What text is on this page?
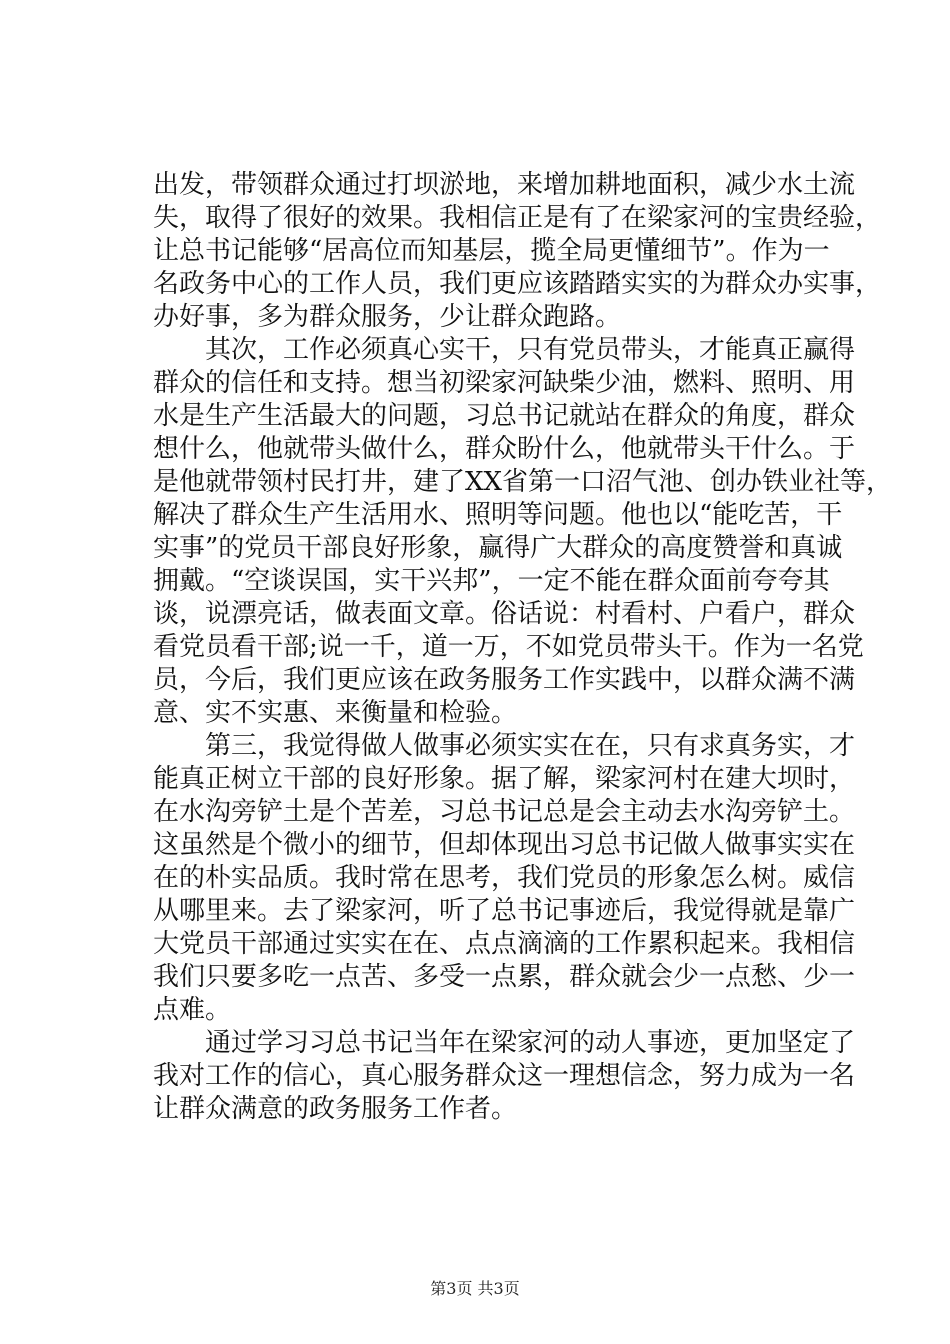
出发，带领群众通过打坝淤地，来增加耕地面积，减少水土流
失，取得了很好的效果。我相信正是有了在梁家河的宝贵经验，
让总书记能够“居高位而知基层，揽全局更懂细节”。作为一
名政务中心的工作人员，我们更应该踏踏实实的为群众办实事，
办好事，多为群众服务，少让群众跑路。
　　其次，工作必须真心实干，只有党员带头，才能真正赢得
群众的信任和支持。想当初梁家河缺柴少油，燃料、照明、用
水是生产生活最大的问题，习总书记就站在群众的角度，群众
想什么，他就带头做什么，群众盼什么，他就带头干什么。于
是他就带领村民打井，建了XX省第一口沼气池、创办铁业社等，
解决了群众生产生活用水、照明等问题。他也以“能吃苦，干
实事”的党员干部良好形象，赢得广大群众的高度赞誉和真诚
拥戴。“空谈误国，实干兴邦”，一定不能在群众面前夸夸其
谈，说漂亮话，做表面文章。俗话说：村看村、户看户，群众
看党员看干部;说一千，道一万，不如党员带头干。作为一名党
员，今后，我们更应该在政务服务工作实践中，以群众满不满
意、实不实惠、来衡量和检验。
　　第三，我觉得做人做事必须实实在在，只有求真务实，才
能真正树立干部的良好形象。据了解，梁家河村在建大坝时，
在水沟旁铲土是个苦差，习总书记总是会主动去水沟旁铲土。
这虽然是个微小的细节，但却体现出习总书记做人做事实实在
在的朴实品质。我时常在思考，我们党员的形象怎么树。威信
从哪里来。去了梁家河，听了总书记事迹后，我觉得就是靠广
大党员干部通过实实在在、点点滴滴的工作累积起来。我相信
我们只要多吃一点苦、多受一点累，群众就会少一点愁、少一
点难。
　　通过学习习总书记当年在梁家河的动人事迹，更加坚定了
我对工作的信心，真心服务群众这一理想信念，努力成为一名
让群众满意的政务服务工作者。
第3页 共3页
